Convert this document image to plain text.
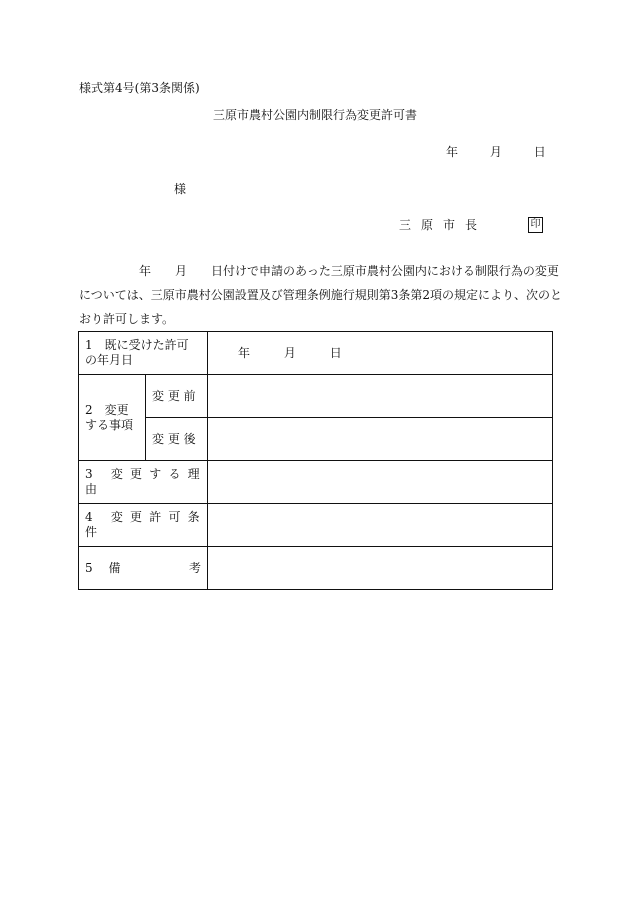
様式第4号(第3条関係)
三原市農村公園内制限行為変更許可書
年	月	日
様
三 原 市 長	印

年 月 日付けで申請のあった三原市農村公園内における制限行為の変更

については、三原市農村公園設置及び管理条例施行規則第3条第2項の規定により、次のと

おり許可します。

1　既に受けた許可の年月日		年 月 日

2　変更する事項	変 更 前	
	変 更 後	
3 変更する理由		
4 変更許可条件		
5 備 考		
